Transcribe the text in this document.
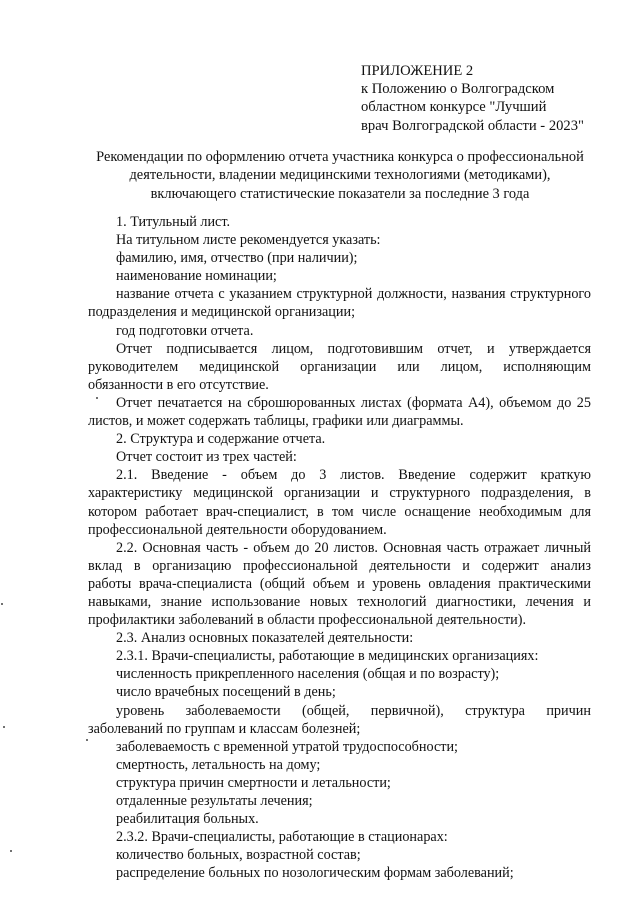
ПРИЛОЖЕНИЕ 2
к Положению о Волгоградском
областном конкурсе "Лучший
врач Волгоградской области - 2023"
Рекомендации по оформлению отчета участника конкурса о профессиональной
деятельности, владении медицинскими технологиями (методиками),
включающего статистические показатели за последние 3 года
1. Титульный лист.
На титульном листе рекомендуется указать:
фамилию, имя, отчество (при наличии);
наименование номинации;
название отчета с указанием структурной должности, названия структурного
подразделения и медицинской организации;
год подготовки отчета.
Отчет подписывается лицом, подготовившим отчет, и утверждается
руководителем медицинской организации или лицом, исполняющим
обязанности в его отсутствие.
Отчет печатается на сброшюрованных листах (формата А4), объемом до 25
листов, и может содержать таблицы, графики или диаграммы.
2. Структура и содержание отчета.
Отчет состоит из трех частей:
2.1. Введение - объем до 3 листов. Введение содержит краткую
характеристику медицинской организации и структурного подразделения, в
котором работает врач-специалист, в том числе оснащение необходимым для
профессиональной деятельности оборудованием.
2.2. Основная часть - объем до 20 листов. Основная часть отражает личный
вклад в организацию профессиональной деятельности и содержит анализ
работы врача-специалиста (общий объем и уровень овладения практическими
навыками, знание использование новых технологий диагностики, лечения и
профилактики заболеваний в области профессиональной деятельности).
2.3. Анализ основных показателей деятельности:
2.3.1. Врачи-специалисты, работающие в медицинских организациях:
численность прикрепленного населения (общая и по возрасту);
число врачебных посещений в день;
уровень заболеваемости (общей, первичной), структура причин
заболеваний по группам и классам болезней;
заболеваемость с временной утратой трудоспособности;
смертность, летальность на дому;
структура причин смертности и летальности;
отдаленные результаты лечения;
реабилитация больных.
2.3.2. Врачи-специалисты, работающие в стационарах:
количество больных, возрастной состав;
распределение больных по нозологическим формам заболеваний;
